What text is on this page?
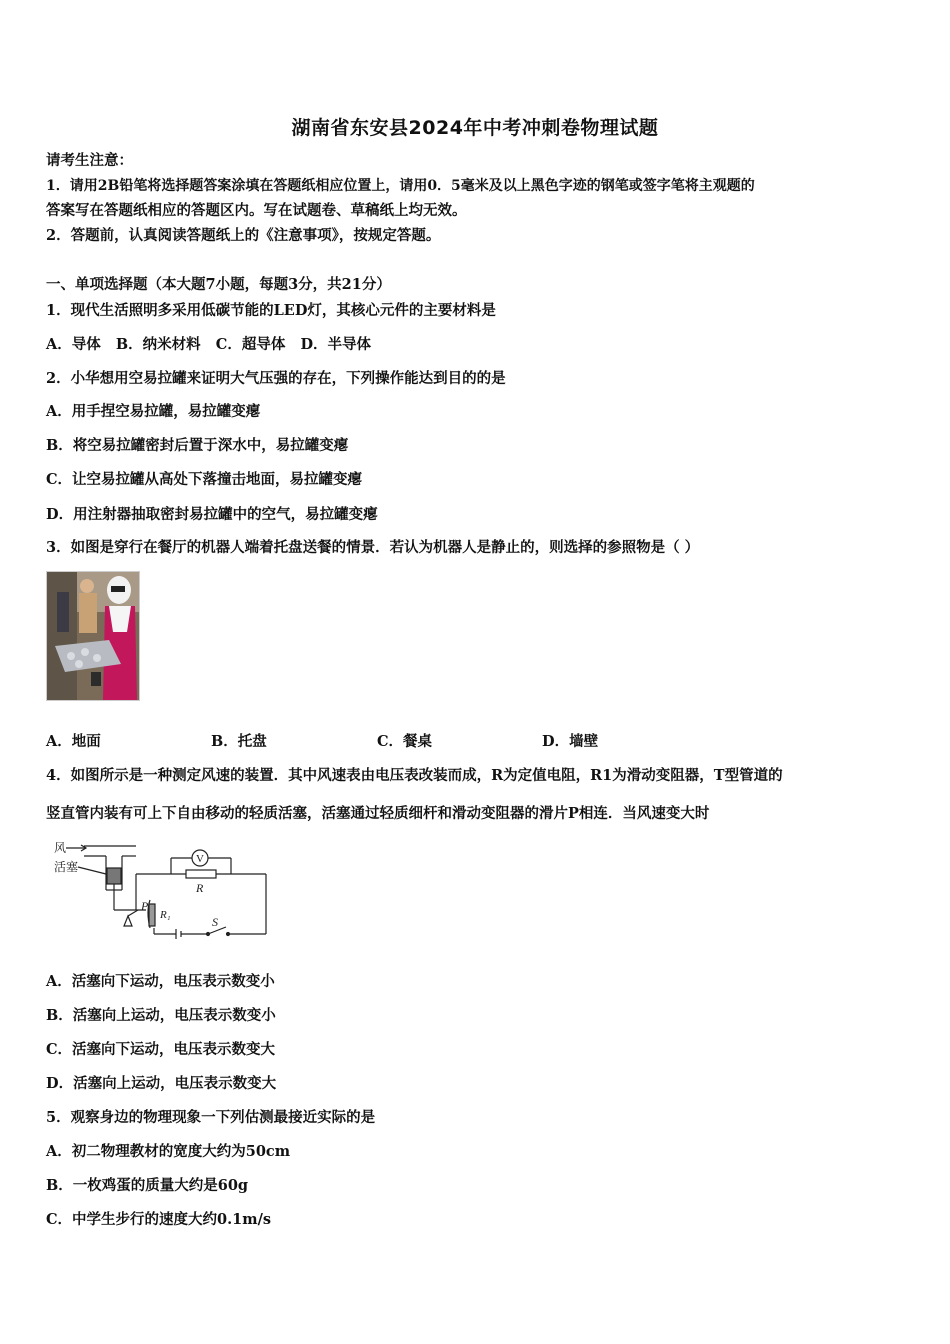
湖南省东安县2024年中考冲刺卷物理试题
请考生注意：
1．请用2B铅笔将选择题答案涂填在答题纸相应位置上，请用0．5毫米及以上黑色字迹的钢笔或签字笔将主观题的
答案写在答题纸相应的答题区内。写在试题卷、草稿纸上均无效。
2．答题前，认真阅读答题纸上的《注意事项》，按规定答题。
一、单项选择题（本大题7小题，每题3分，共21分）
1．现代生活照明多采用低碳节能的LED灯，其核心元件的主要材料是
A．导体   B．纳米材料   C．超导体   D．半导体
2．小华想用空易拉罐来证明大气压强的存在，下列操作能达到目的的是
A．用手捏空易拉罐，易拉罐变瘪
B．将空易拉罐密封后置于深水中，易拉罐变瘪
C．让空易拉罐从高处下落撞击地面，易拉罐变瘪
D．用注射器抽取密封易拉罐中的空气，易拉罐变瘪
3．如图是穿行在餐厅的机器人端着托盘送餐的情景．若认为机器人是静止的，则选择的参照物是（ ）
A．地面	B．托盘	C．餐桌	D．墙壁
4．如图所示是一种测定风速的装置．其中风速表由电压表改装而成，R为定值电阻，R1为滑动变阻器，T型管道的
竖直管内装有可上下自由移动的轻质活塞，活塞通过轻质细杆和滑动变阻器的滑片P相连．当风速变大时
风
活塞
P
R₁	S
R
V
A．活塞向下运动，电压表示数变小
B．活塞向上运动，电压表示数变小
C．活塞向下运动，电压表示数变大
D．活塞向上运动，电压表示数变大
5．观察身边的物理现象一下列估测最接近实际的是
A．初二物理教材的宽度大约为50cm
B．一枚鸡蛋的质量大约是60g
C．中学生步行的速度大约0.1m/s
